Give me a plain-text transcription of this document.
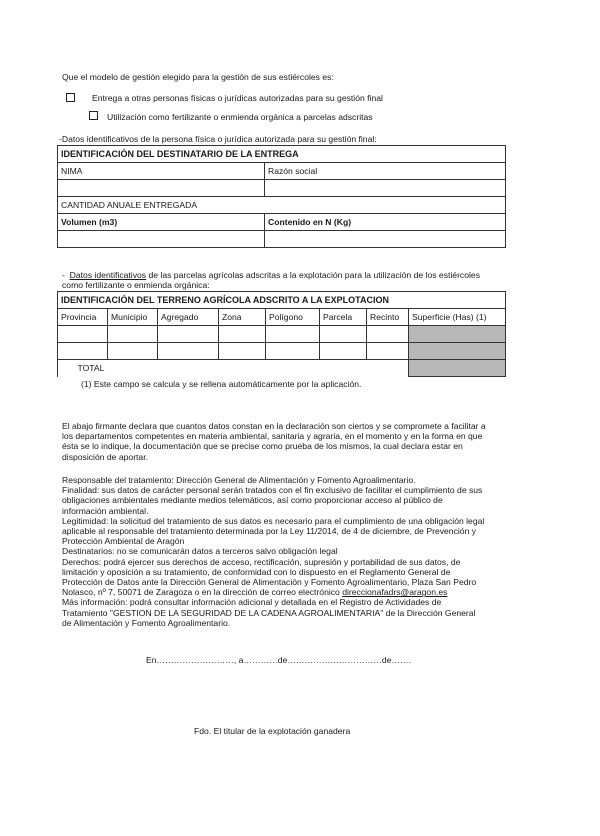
Que el modelo de gestión elegido para la gestión de sus estiércoles es:
Entrega a otras personas físicas o jurídicas autorizadas para su gestión final
Utilización como fertilizante o enmienda orgánica a parcelas adscritas
-Datos identificativos de la persona física o jurídica autorizada para su gestión final:
IDENTIFICACIÓN DEL DESTINATARIO DE LA ENTREGA	
NIMA	Razón social

CANTIDAD ANUALE ENTREGADA	
Volumen (m3)	Contenido en N (Kg)

- Datos identificativos de las parcelas agrícolas adscritas a la explotación para la utilización de los estiércoles
como fertilizante o enmienda orgánica:
IDENTIFICACIÓN DEL TERRENO AGRÍCOLA ADSCRITO A LA EXPLOTACION
Provincia	Municipio	Agregado	Zona	Polígono	Parcela	Recinto	Superficie (Has) (1)

	TOTAL	
(1) Este campo se calcula y se rellena automáticamente por la aplicación.
El abajo firmante declara que cuantos datos constan en la declaración son ciertos y se compromete a facilitar a
los departamentos competentes en materia ambiental, sanitaria y agraria, en el momento y en la forma en que
ésta se lo indique, la documentación que se precise como prueba de los mismos, la cual declara estar en
disposición de aportar.
Responsable del tratamiento: Dirección General de Alimentación y Fomento Agroalimentario.
Finalidad: sus datos de carácter personal serán tratados con el fin exclusivo de facilitar el cumplimiento de sus
obligaciones ambientales mediante medios telemáticos, así como proporcionar acceso al público de
información ambiental.
Legitimidad: la solicitud del tratamiento de sus datos es necesario para el cumplimiento de una obligación legal
aplicable al responsable del tratamiento determinada por la Ley 11/2014, de 4 de diciembre, de Prevención y
Protección Ambiental de Aragón
Destinatarios: no se comunicarán datos a terceros salvo obligación legal
Derechos: podrá ejercer sus derechos de acceso, rectificación, supresión y portabilidad de sus datos, de
limitación y oposición a su tratamiento, de conformidad con lo dispuesto en el Reglamento General de
Protección de Datos ante la Dirección General de Alimentación y Fomento Agroalimentario, Plaza San Pedro
Nolasco, nº 7, 50071 de Zaragoza o en la dirección de correo electrónico direccionafadrs@aragon.es
Más información: podrá consultar información adicional y detallada en el Registro de Actividades de
Tratamiento "GESTION DE LA SEGURIDAD DE LA CADENA AGROALIMENTARIA" de la Dirección General
de Alimentación y Fomento Agroalimentario.
En………………………, a…………de……………………………de…….
Fdo. El titular de la explotación ganadera
